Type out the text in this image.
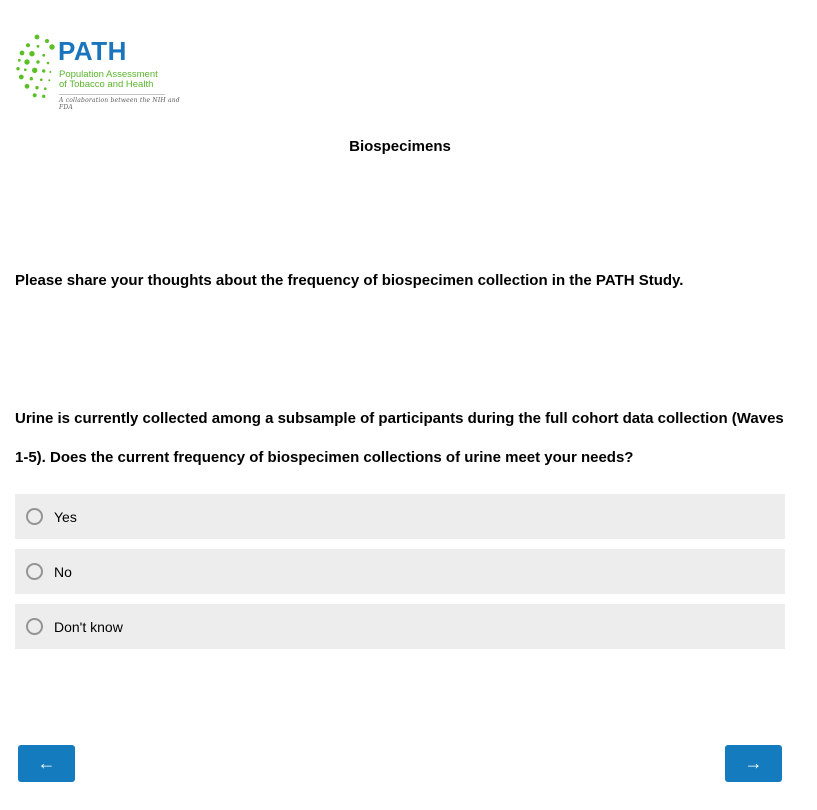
PATH
Population Assessment
of Tobacco and Health
A collaboration between the NIH and FDA
Biospecimens
Please share your thoughts about the frequency of biospecimen collection in the PATH Study.
Urine is currently collected among a subsample of participants during the full cohort data collection (Waves 1-5). Does the current frequency of biospecimen collections of urine meet your needs?
Yes
No
Don't know
←	→
